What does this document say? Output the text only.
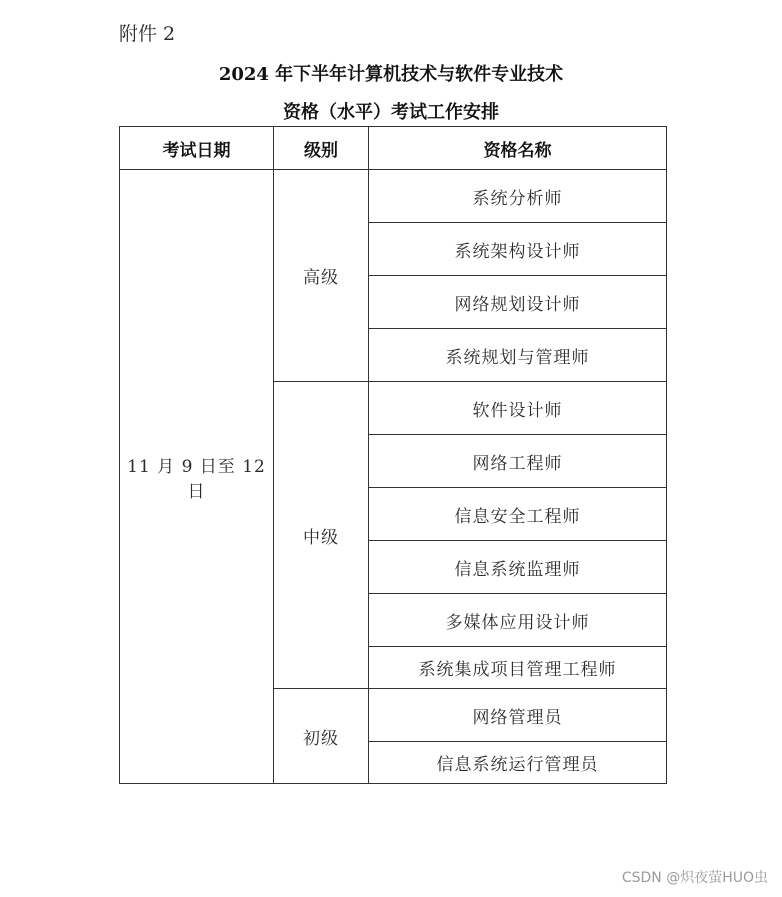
附件 2
2024 年下半年计算机技术与软件专业技术
资格（水平）考试工作安排
考试日期	级别	资格名称
11 月 9 日至 12 日	高级	系统分析师
		系统架构设计师
		网络规划设计师
		系统规划与管理师
	中级	软件设计师
		网络工程师
		信息安全工程师
		信息系统监理师
		多媒体应用设计师
		系统集成项目管理工程师
	初级	网络管理员
		信息系统运行管理员
CSDN @炽夜萤HUO虫
